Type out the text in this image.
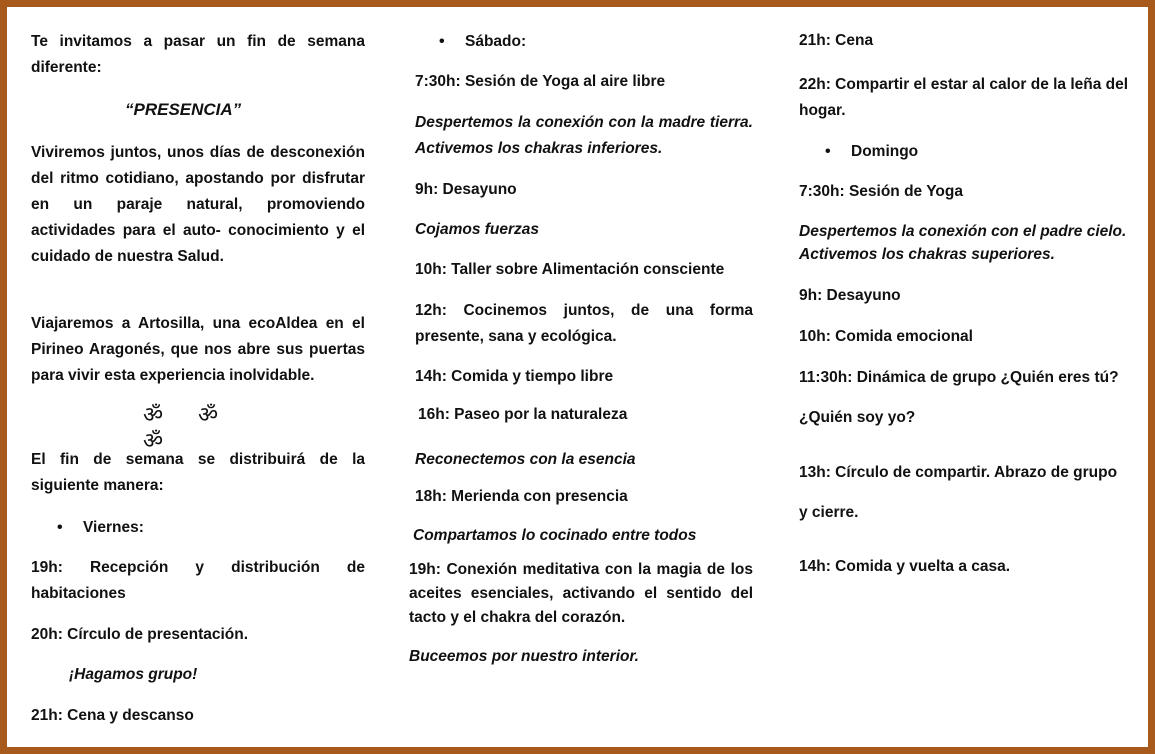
Te invitamos a pasar un fin de semana diferente:
“PRESENCIA”
Viviremos juntos, unos días de desconexión del ritmo cotidiano, apostando por disfrutar en un paraje natural, promoviendo actividades para el auto- conocimiento y el cuidado de nuestra Salud.
Viajaremos a Artosilla, una ecoAldea en el Pirineo Aragonés, que nos abre sus puertas para vivir esta experiencia inolvidable.
ॐ ॐ ॐ
El fin de semana se distribuirá de la siguiente manera:
• Viernes:
19h: Recepción y distribución de habitaciones
20h: Círculo de presentación.
¡Hagamos grupo!
21h: Cena y descanso
• Sábado:
7:30h: Sesión de Yoga al aire libre
Despertemos la conexión con la madre tierra. Activemos los chakras inferiores.
9h: Desayuno
Cojamos fuerzas
10h: Taller sobre Alimentación consciente
12h: Cocinemos juntos, de una forma presente, sana y ecológica.
14h: Comida y tiempo libre
16h: Paseo por la naturaleza
Reconectemos con la esencia
18h: Merienda con presencia
Compartamos lo cocinado entre todos
19h: Conexión meditativa con la magia de los aceites esenciales, activando el sentido del tacto y el chakra del corazón.
Buceemos por nuestro interior.
21h: Cena
22h: Compartir el estar al calor de la leña del hogar.
• Domingo
7:30h: Sesión de Yoga
Despertemos la conexión con el padre cielo. Activemos los chakras superiores.
9h: Desayuno
10h: Comida emocional
11:30h: Dinámica de grupo ¿Quién eres tú?
¿Quién soy yo?
13h: Círculo de compartir. Abrazo de grupo
y cierre.
14h: Comida y vuelta a casa.
